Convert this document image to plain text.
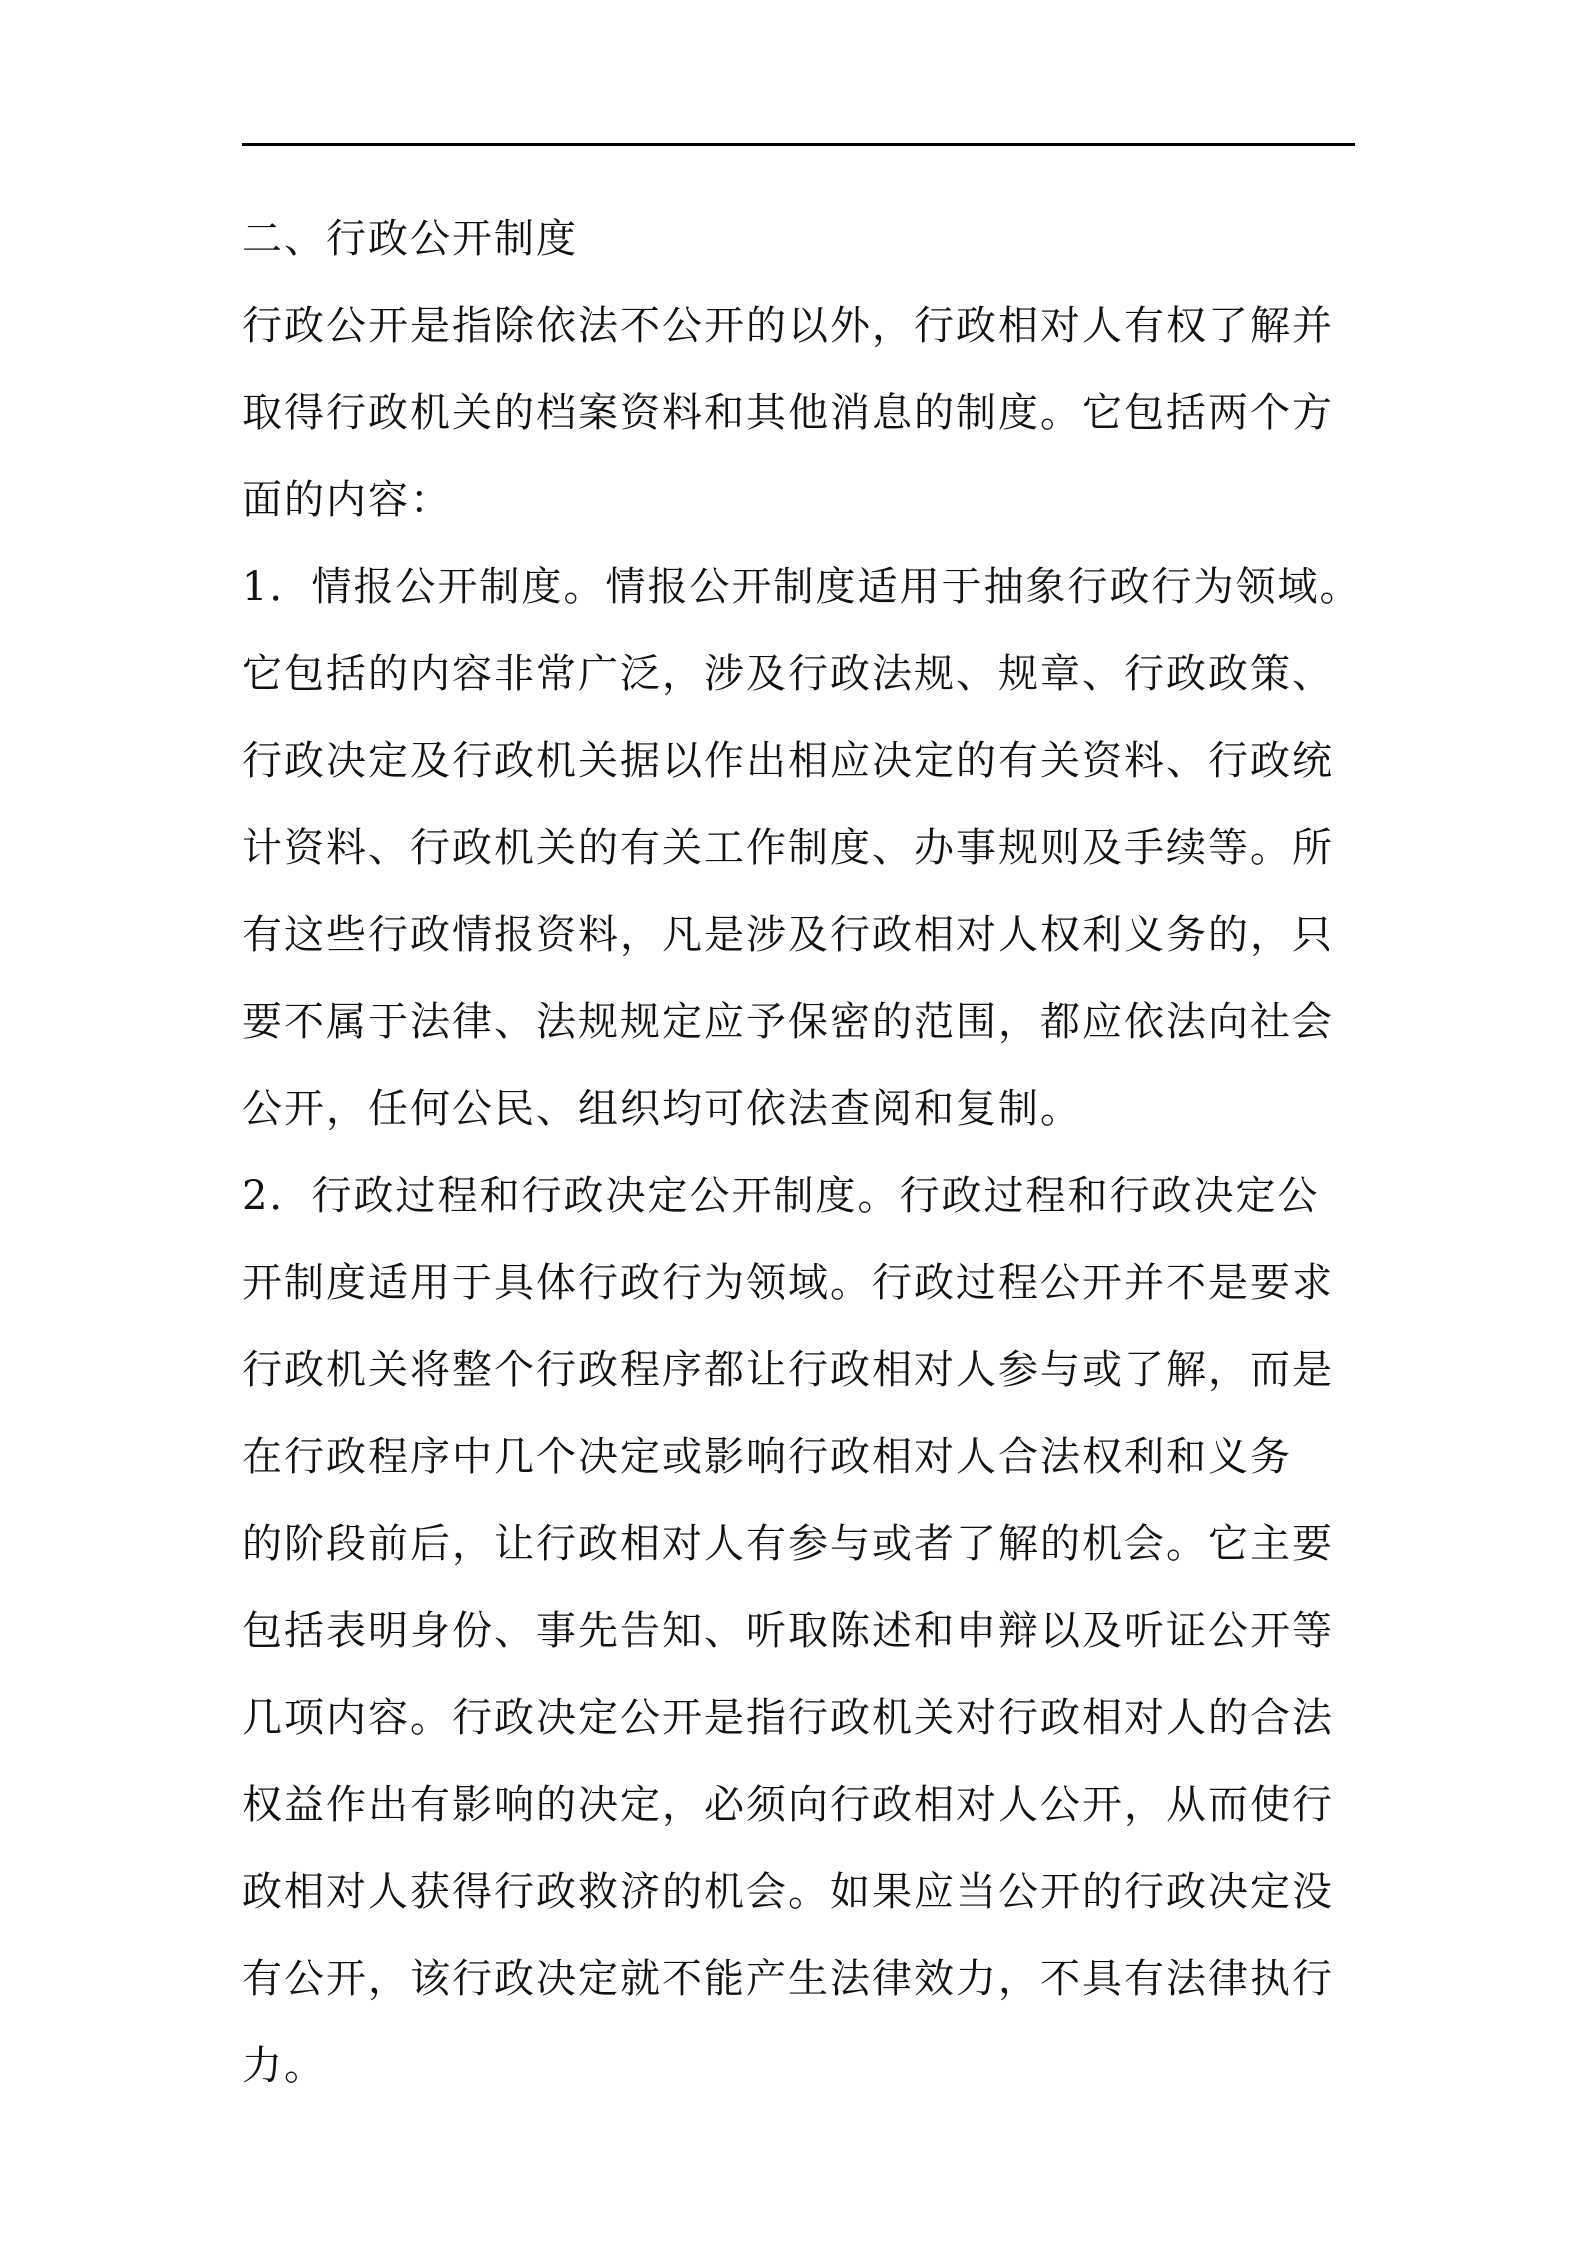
二、行政公开制度
行政公开是指除依法不公开的以外，行政相对人有权了解并
取得行政机关的档案资料和其他消息的制度。它包括两个方
面的内容：
1．情报公开制度。情报公开制度适用于抽象行政行为领域。
它包括的内容非常广泛，涉及行政法规、规章、行政政策、
行政决定及行政机关据以作出相应决定的有关资料、行政统
计资料、行政机关的有关工作制度、办事规则及手续等。所
有这些行政情报资料，凡是涉及行政相对人权利义务的，只
要不属于法律、法规规定应予保密的范围，都应依法向社会
公开，任何公民、组织均可依法查阅和复制。
2．行政过程和行政决定公开制度。行政过程和行政决定公
开制度适用于具体行政行为领域。行政过程公开并不是要求
行政机关将整个行政程序都让行政相对人参与或了解，而是
在行政程序中几个决定或影响行政相对人合法权利和义务
的阶段前后，让行政相对人有参与或者了解的机会。它主要
包括表明身份、事先告知、听取陈述和申辩以及听证公开等
几项内容。行政决定公开是指行政机关对行政相对人的合法
权益作出有影响的决定，必须向行政相对人公开，从而使行
政相对人获得行政救济的机会。如果应当公开的行政决定没
有公开，该行政决定就不能产生法律效力，不具有法律执行
力。
